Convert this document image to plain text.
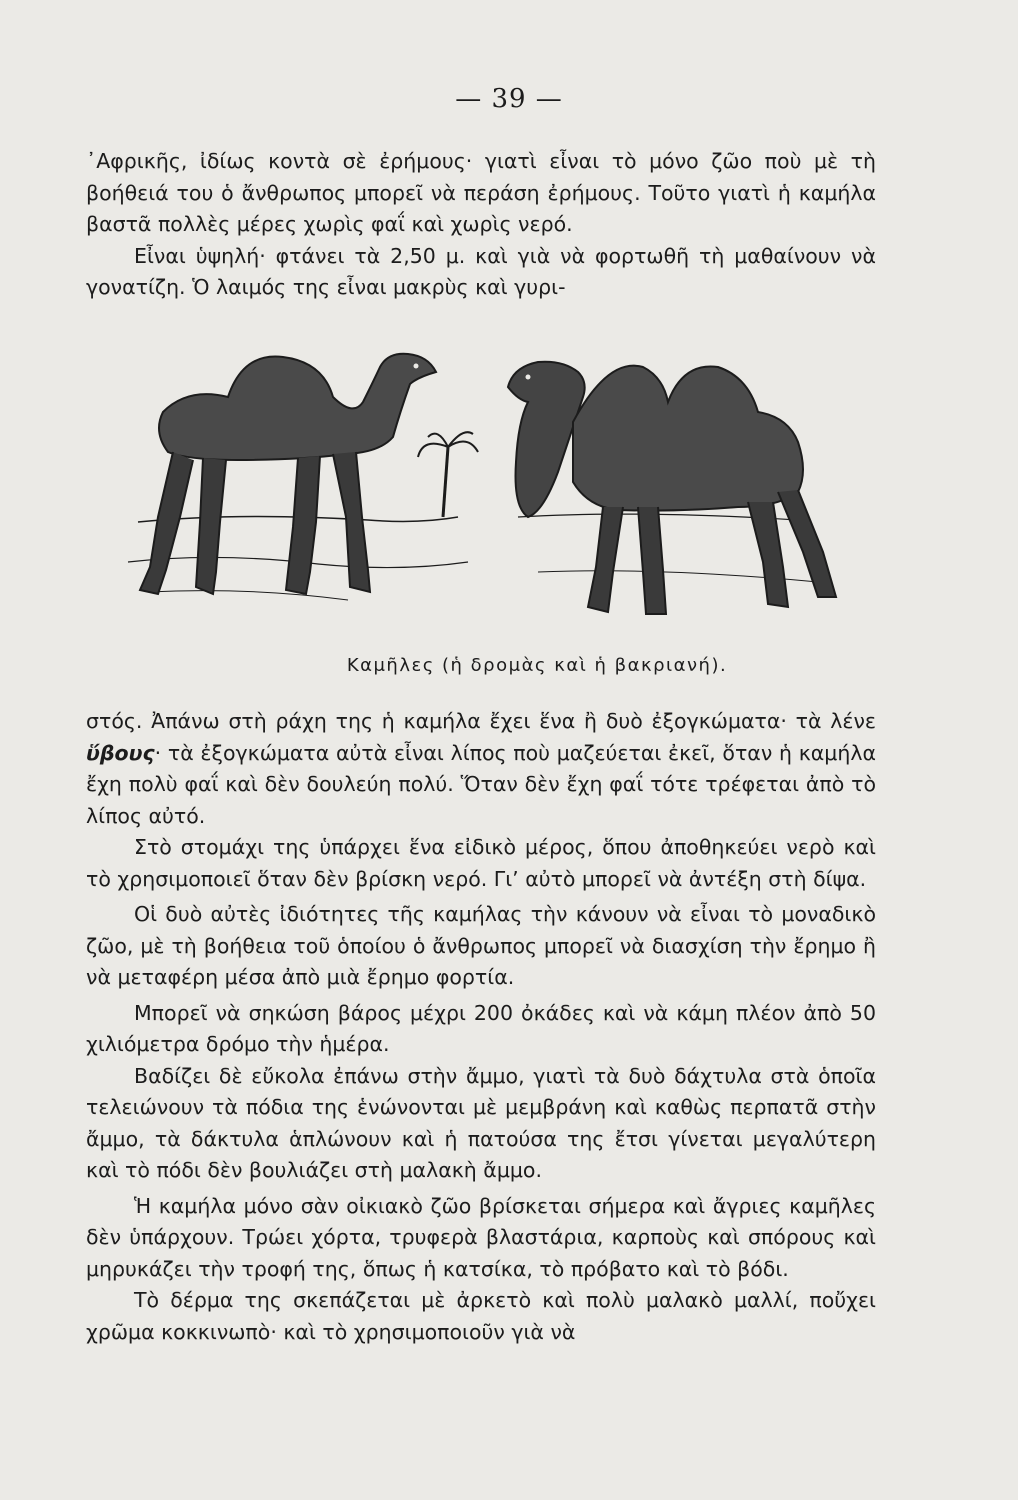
— 39 —

᾿Αφρικῆς, ἰδίως κοντὰ σὲ ἐρήμους· γιατὶ εἶναι τὸ μόνο ζῶο ποὺ μὲ τὴ βοήθειά του ὁ ἄνθρωπος μπορεῖ νὰ περάση ἐρήμους. Τοῦτο γιατὶ ἡ καμήλα βαστᾶ πολλὲς μέρες χωρὶς φαΐ καὶ χωρὶς νερό.

Εἶναι ὑψηλή· φτάνει τὰ 2,50 μ. καὶ γιὰ νὰ φορτωθῆ τὴ μαθαίνουν νὰ γονατίζη. Ὁ λαιμός της εἶναι μακρὺς καὶ γυρι-

Καμῆλες (ἡ δρομὰς καὶ ἡ βακριανή).

στός. Ἀπάνω στὴ ράχη της ἡ καμήλα ἔχει ἕνα ἢ δυὸ ἐξογκώματα· τὰ λένε ὕβους· τὰ ἐξογκώματα αὐτὰ εἶναι λίπος ποὺ μαζεύεται ἐκεῖ, ὅταν ἡ καμήλα ἔχη πολὺ φαΐ καὶ δὲν δουλεύη πολύ. Ὅταν δὲν ἔχη φαΐ τότε τρέφεται ἀπὸ τὸ λίπος αὐτό.

Στὸ στομάχι της ὑπάρχει ἕνα εἰδικὸ μέρος, ὅπου ἀποθηκεύει νερὸ καὶ τὸ χρησιμοποιεῖ ὅταν δὲν βρίσκη νερό. Γι’ αὐτὸ μπορεῖ νὰ ἀντέξη στὴ δίψα.

Οἱ δυὸ αὐτὲς ἰδιότητες τῆς καμήλας τὴν κάνουν νὰ εἶναι τὸ μοναδικὸ ζῶο, μὲ τὴ βοήθεια τοῦ ὁποίου ὁ ἄνθρωπος μπορεῖ νὰ διασχίση τὴν ἔρημο ἢ νὰ μεταφέρη μέσα ἀπὸ μιὰ ἔρημο φορτία.

Μπορεῖ νὰ σηκώση βάρος μέχρι 200 ὀκάδες καὶ νὰ κάμη πλέον ἀπὸ 50 χιλιόμετρα δρόμο τὴν ἡμέρα.

Βαδίζει δὲ εὔκολα ἐπάνω στὴν ἄμμο, γιατὶ τὰ δυὸ δάχτυλα στὰ ὁποῖα τελειώνουν τὰ πόδια της ἑνώνονται μὲ μεμβράνη καὶ καθὼς περπατᾶ στὴν ἄμμο, τὰ δάκτυλα ἁπλώνουν καὶ ἡ πατούσα της ἔτσι γίνεται μεγαλύτερη καὶ τὸ πόδι δὲν βουλιάζει στὴ μαλακὴ ἄμμο.

Ἡ καμήλα μόνο σὰν οἰκιακὸ ζῶο βρίσκεται σήμερα καὶ ἄγριες καμῆλες δὲν ὑπάρχουν. Τρώει χόρτα, τρυφερὰ βλαστάρια, καρποὺς καὶ σπόρους καὶ μηρυκάζει τὴν τροφή της, ὅπως ἡ κατσίκα, τὸ πρόβατο καὶ τὸ βόδι.

Τὸ δέρμα της σκεπάζεται μὲ ἀρκετὸ καὶ πολὺ μαλακὸ μαλλί, ποὔχει χρῶμα κοκκινωπὸ· καὶ τὸ χρησιμοποιοῦν γιὰ νὰ
